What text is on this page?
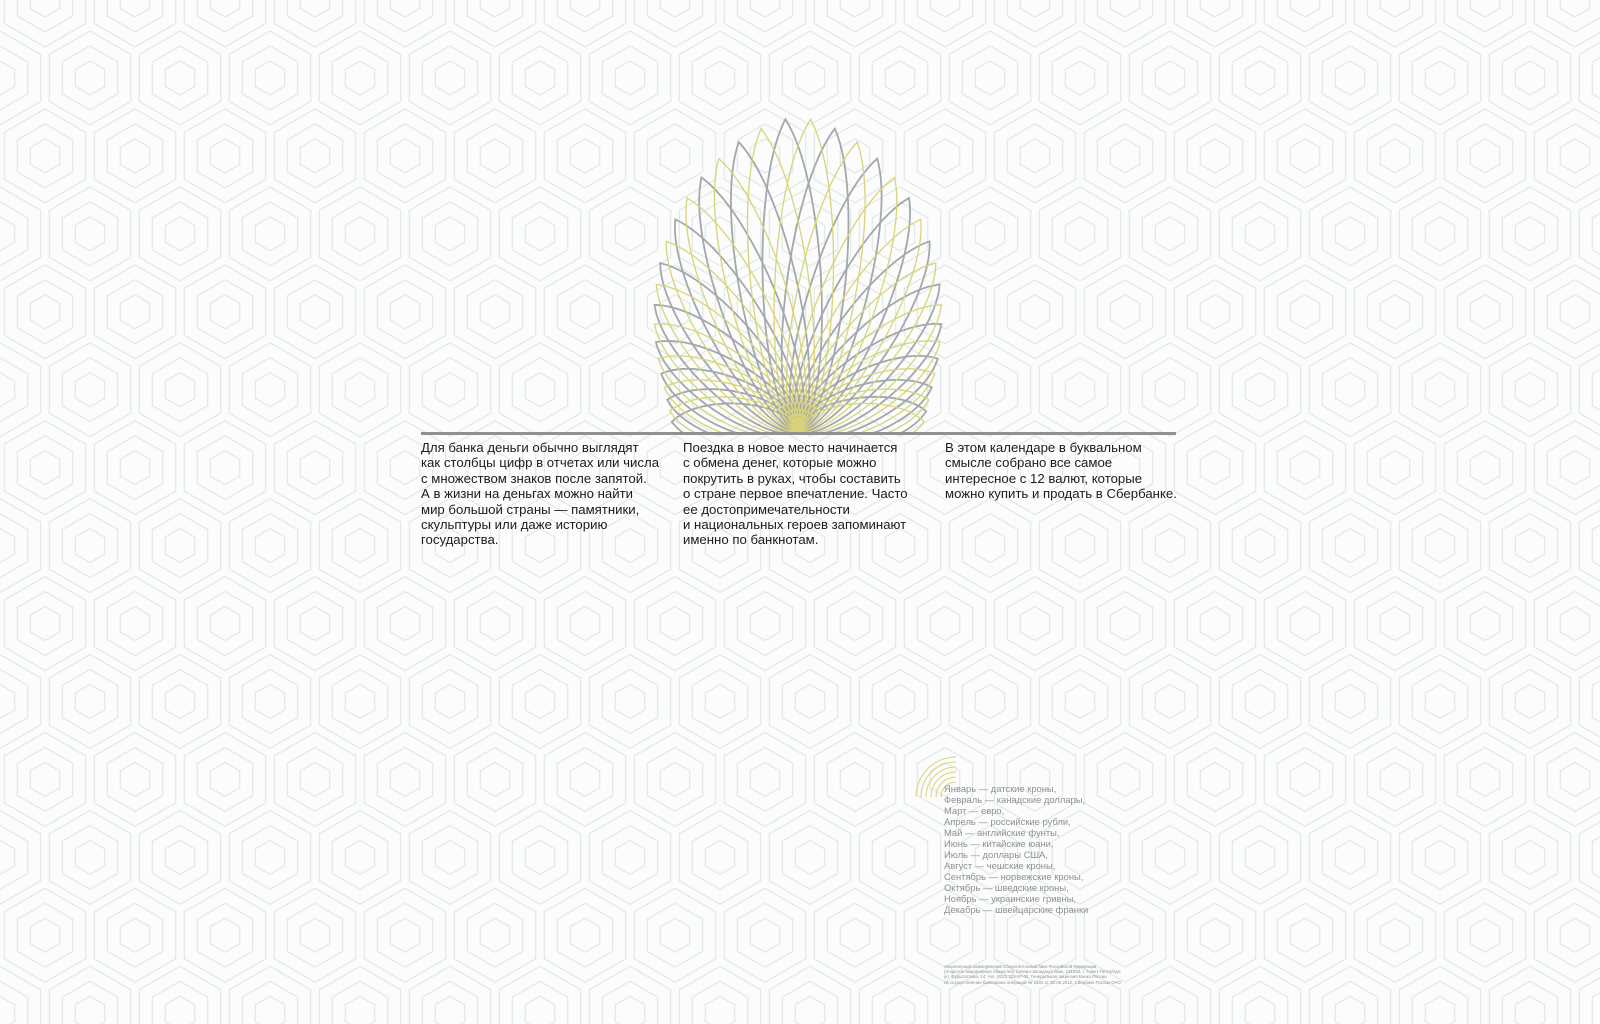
Для банка деньги обычно выглядят
как столбцы цифр в отчетах или числа
с множеством знаков после запятой.
А в жизни на деньгах можно найти
мир большой страны — памятники,
скульптуры или даже историю
государства.

Поездка в новое место начинается
с обмена денег, которые можно
покрутить в руках, чтобы составить
о стране первое впечатление. Часто
ее достопримечательности
и национальных героев запоминают
именно по банкнотам.

В этом календаре в буквальном
смысле собрано все самое
интересное с 12 валют, которые
можно купить и продать в Сбербанке.

Январь — датские кроны,
Февраль — канадские доллары,
Март — евро,
Апрель — российские рубли,
Май — английские фунты,
Июнь — китайские юани,
Июль — доллары США,
Август — чешские кроны,
Сентябрь — норвежские кроны,
Октябрь — шведские кроны,
Ноябрь — украинские гривны,
Декабрь — швейцарские франки

Акционерный коммерческий Сберегательный банк Российской Федерации
(открытое акционерное общество) Северо-Западный банк, 191028, г. Санкт-Петербург,
ул. Фурштатская, 14; тел. (812) 329-87-00. Генеральная лицензия Банка России
на осуществление банковских операций № 1481 от 30.08.2012. Сбербанк России ОАО
